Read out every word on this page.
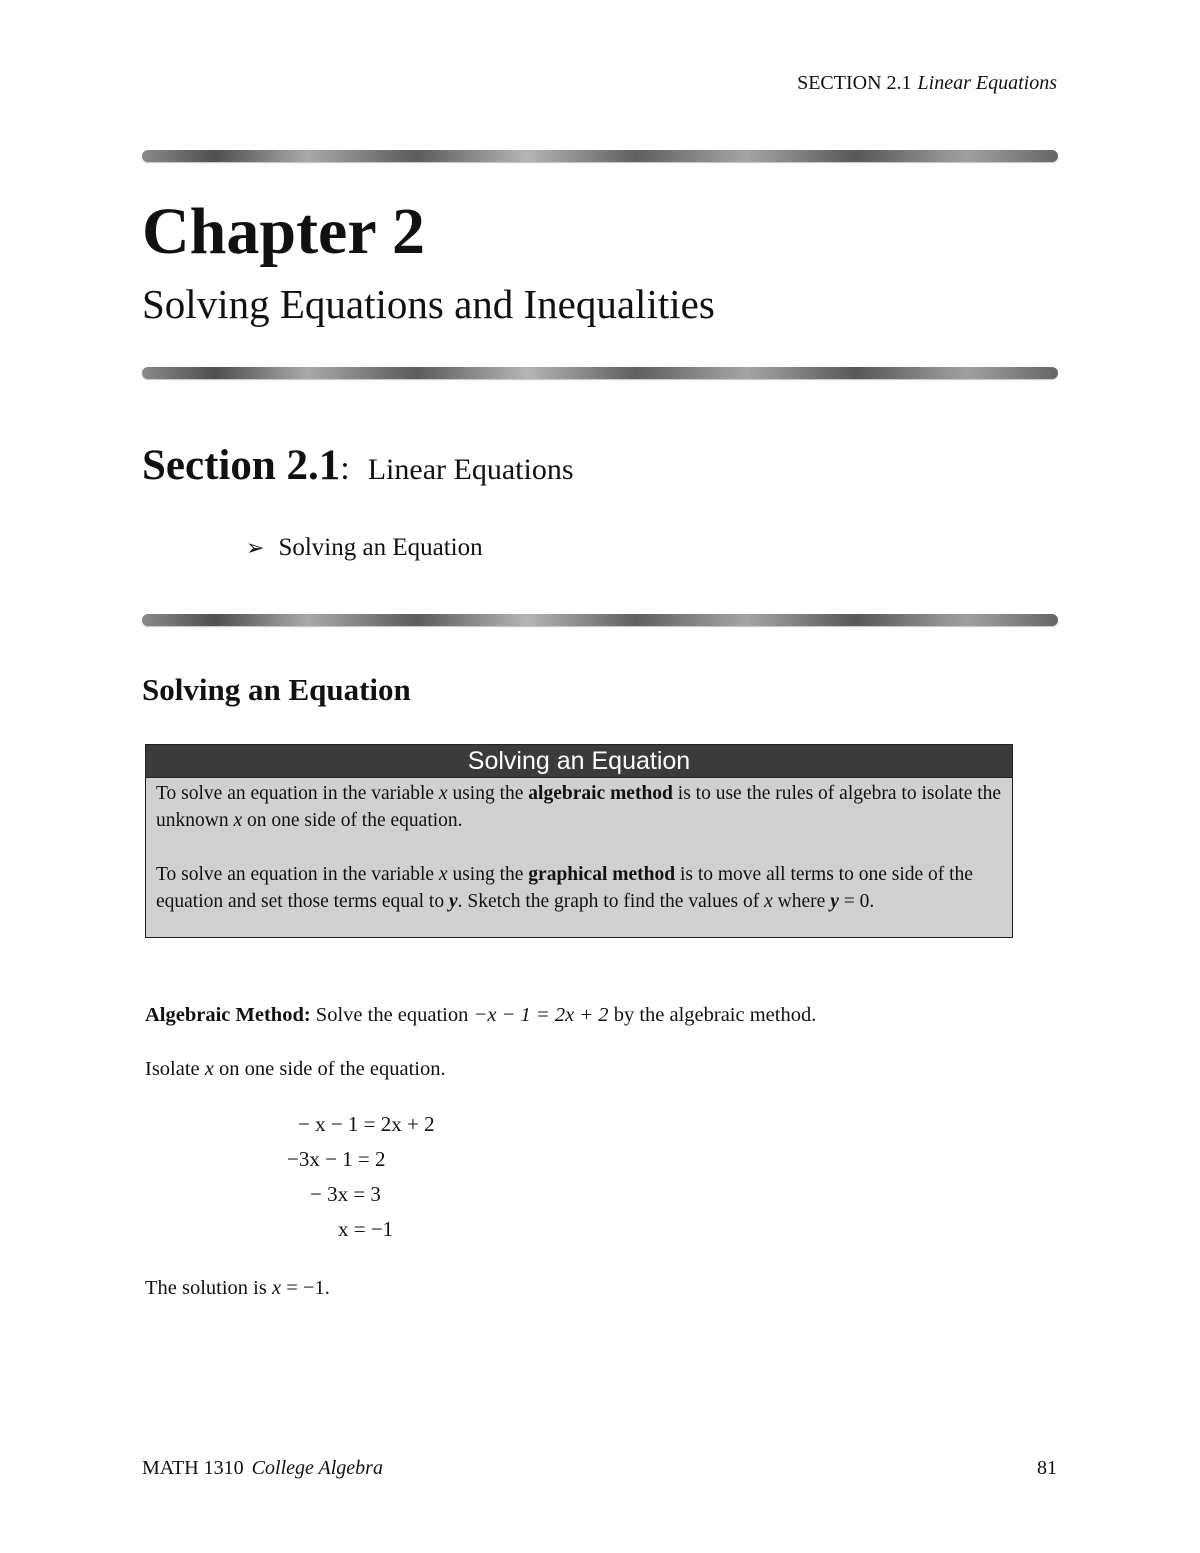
SECTION 2.1 Linear Equations
Chapter 2
Solving Equations and Inequalities
Section 2.1: Linear Equations
➢ Solving an Equation
Solving an Equation
Solving an Equation

To solve an equation in the variable x using the algebraic method is to use the rules of algebra to isolate the unknown x on one side of the equation.

To solve an equation in the variable x using the graphical method is to move all terms to one side of the equation and set those terms equal to y. Sketch the graph to find the values of x where y = 0.

Algebraic Method: Solve the equation −x − 1 = 2x + 2 by the algebraic method.
Isolate x on one side of the equation.
− x − 1 = 2x + 2
−3x − 1 = 2
− 3x = 3
x = −1
The solution is x = −1.
MATH 1310 College Algebra	81
